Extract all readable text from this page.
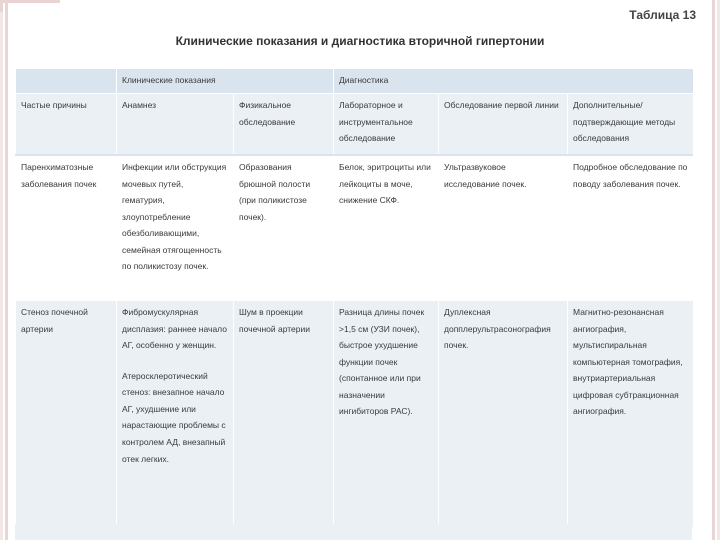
Таблица 13
Клинические показания и диагностика вторичной гипертонии
	Клинические показания		Диагностика		
Частые причины	Анамнез	Физикальное обследование	Лабораторное и инструментальное обследование	Обследование первой линии	Дополнительные/ подтверждающие методы обследования
Паренхиматозные заболевания почек	Инфекции или обструкция мочевых путей, гематурия, злоупотребление обезболивающими, семейная отягощенность по поликистозу почек.	Образования брюшной полости (при поликистозе почек).	Белок, эритроциты или лейкоциты в моче, снижение СКФ.	Ультразвуковое исследование почек.	Подробное обследование по поводу заболевания почек.
Стеноз почечной артерии	Фибромускулярная дисплазия: раннее начало АГ, особенно у женщин.
Атеросклеротический стеноз: внезапное начало АГ, ухудшение или нарастающие проблемы с контролем АД, внезапный отек легких.	Шум в проекции почечной артерии	Разница длины почек >1,5 см (УЗИ почек), быстрое ухудшение функции почек (спонтанное или при назначении ингибиторов РАС).	Дуплексная допплерультрасонография почек.	Магнитно-резонансная ангиография, мультиспиральная компьютерная томография, внутриартериальная цифровая субтракционная ангиография.
